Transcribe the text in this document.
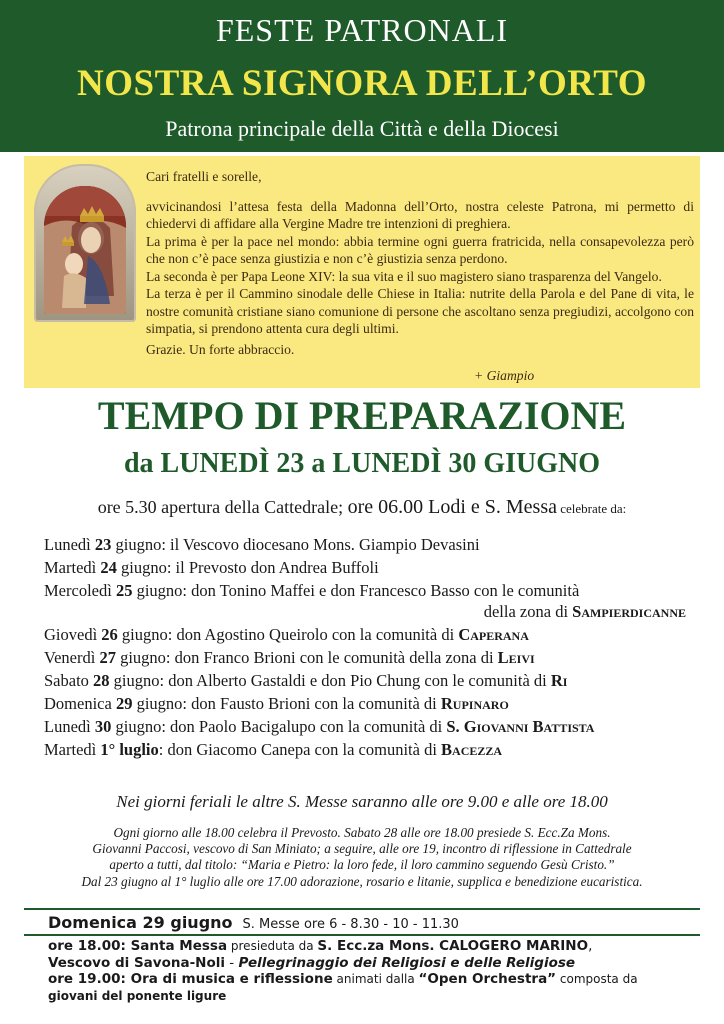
FESTE PATRONALI
NOSTRA SIGNORA DELL’ORTO
Patrona principale della Città e della Diocesi

Cari fratelli e sorelle,

avvicinandosi l’attesa festa della Madonna dell’Orto, nostra celeste Patrona, mi permetto di chiedervi di affidare alla Vergine Madre tre intenzioni di preghiera.

La prima è per la pace nel mondo: abbia termine ogni guerra fratricida, nella consapevolezza però che non c’è pace senza giustizia e non c’è giustizia senza perdono.

La seconda è per Papa Leone XIV: la sua vita e il suo magistero siano trasparenza del Vangelo.

La terza è per il Cammino sinodale delle Chiese in Italia: nutrite della Parola e del Pane di vita, le nostre comunità cristiane siano comunione di persone che ascoltano senza pregiudizi, accolgono con simpatia, si prendono attenta cura degli ultimi.

Grazie. Un forte abbraccio.

+ Giampio
TEMPO DI PREPARAZIONE
da LUNEDÌ 23 a LUNEDÌ 30 GIUGNO
ore 5.30 apertura della Cattedrale; ore 06.00 Lodi e S. Messa celebrate da:
Lunedì 23 giugno: il Vescovo diocesano Mons. Giampio Devasini
Martedì 24 giugno: il Prevosto don Andrea Buffoli
Mercoledì 25 giugno: don Tonino Maffei e don Francesco Basso con le comunità
della zona di Sampierdicanne
Giovedì 26 giugno: don Agostino Queirolo con la comunità di Caperana
Venerdì 27 giugno: don Franco Brioni con le comunità della zona di Leivi
Sabato 28 giugno: don Alberto Gastaldi e don Pio Chung con le comunità di Ri
Domenica 29 giugno: don Fausto Brioni con la comunità di Rupinaro
Lunedì 30 giugno: don Paolo Bacigalupo con la comunità di S. Giovanni Battista
Martedì 1° luglio: don Giacomo Canepa con la comunità di Bacezza
Nei giorni feriali le altre S. Messe saranno alle ore 9.00 e alle ore 18.00
Ogni giorno alle 18.00 celebra il Prevosto. Sabato 28 alle ore 18.00 presiede S. Ecc.Za Mons.
Giovanni Paccosi, vescovo di San Miniato; a seguire, alle ore 19, incontro di riflessione in Cattedrale
aperto a tutti, dal titolo: “Maria e Pietro: la loro fede, il loro cammino seguendo Gesù Cristo.”
Dal 23 giugno al 1° luglio alle ore 17.00 adorazione, rosario e litanie, supplica e benedizione eucaristica.
Domenica 29 giugno S. Messe ore 6 - 8.30 - 10 - 11.30
ore 18.00: Santa Messa presieduta da S. Ecc.za Mons. CALOGERO MARINO,
Vescovo di Savona-Noli - Pellegrinaggio dei Religiosi e delle Religiose
ore 19.00: Ora di musica e riflessione animati dalla “Open Orchestra” composta da
giovani del ponente ligure
